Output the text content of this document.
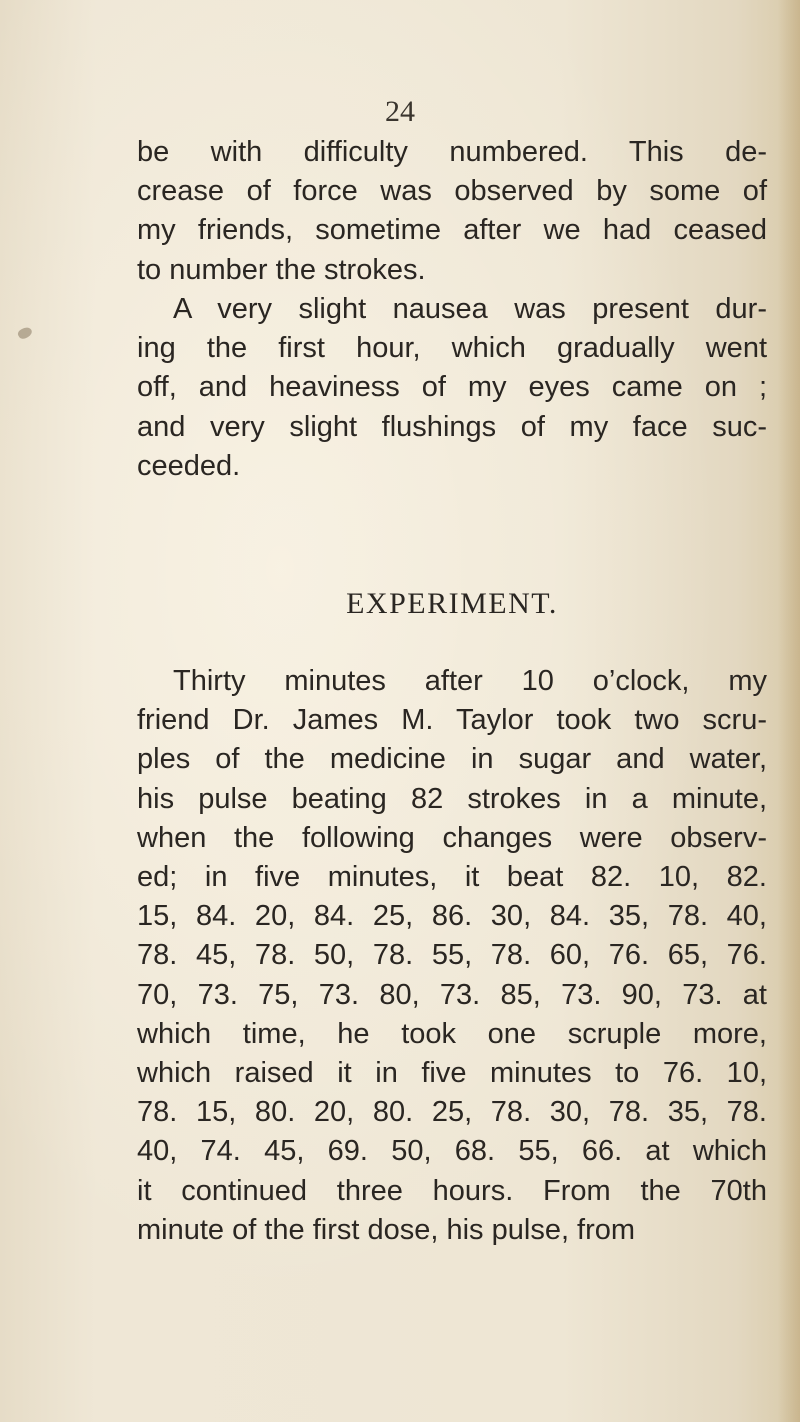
24
be with difficulty numbered. This de-
crease of force was observed by some of
my friends, sometime after we had ceased
to number the strokes.
A very slight nausea was present dur-
ing the first hour, which gradually went
off, and heaviness of my eyes came on ;
and very slight flushings of my face suc-
ceeded.
EXPERIMENT.
Thirty minutes after 10 o’clock, my
friend Dr. James M. Taylor took two scru-
ples of the medicine in sugar and water,
his pulse beating 82 strokes in a minute,
when the following changes were observ-
ed; in five minutes, it beat 82. 10, 82.
15, 84. 20, 84. 25, 86. 30, 84. 35, 78. 40,
78. 45, 78. 50, 78. 55, 78. 60, 76. 65, 76.
70, 73. 75, 73. 80, 73. 85, 73. 90, 73. at
which time, he took one scruple more,
which raised it in five minutes to 76. 10,
78. 15, 80. 20, 80. 25, 78. 30, 78. 35, 78.
40, 74. 45, 69. 50, 68. 55, 66. at which
it continued three hours. From the 70th
minute of the first dose, his pulse, from
